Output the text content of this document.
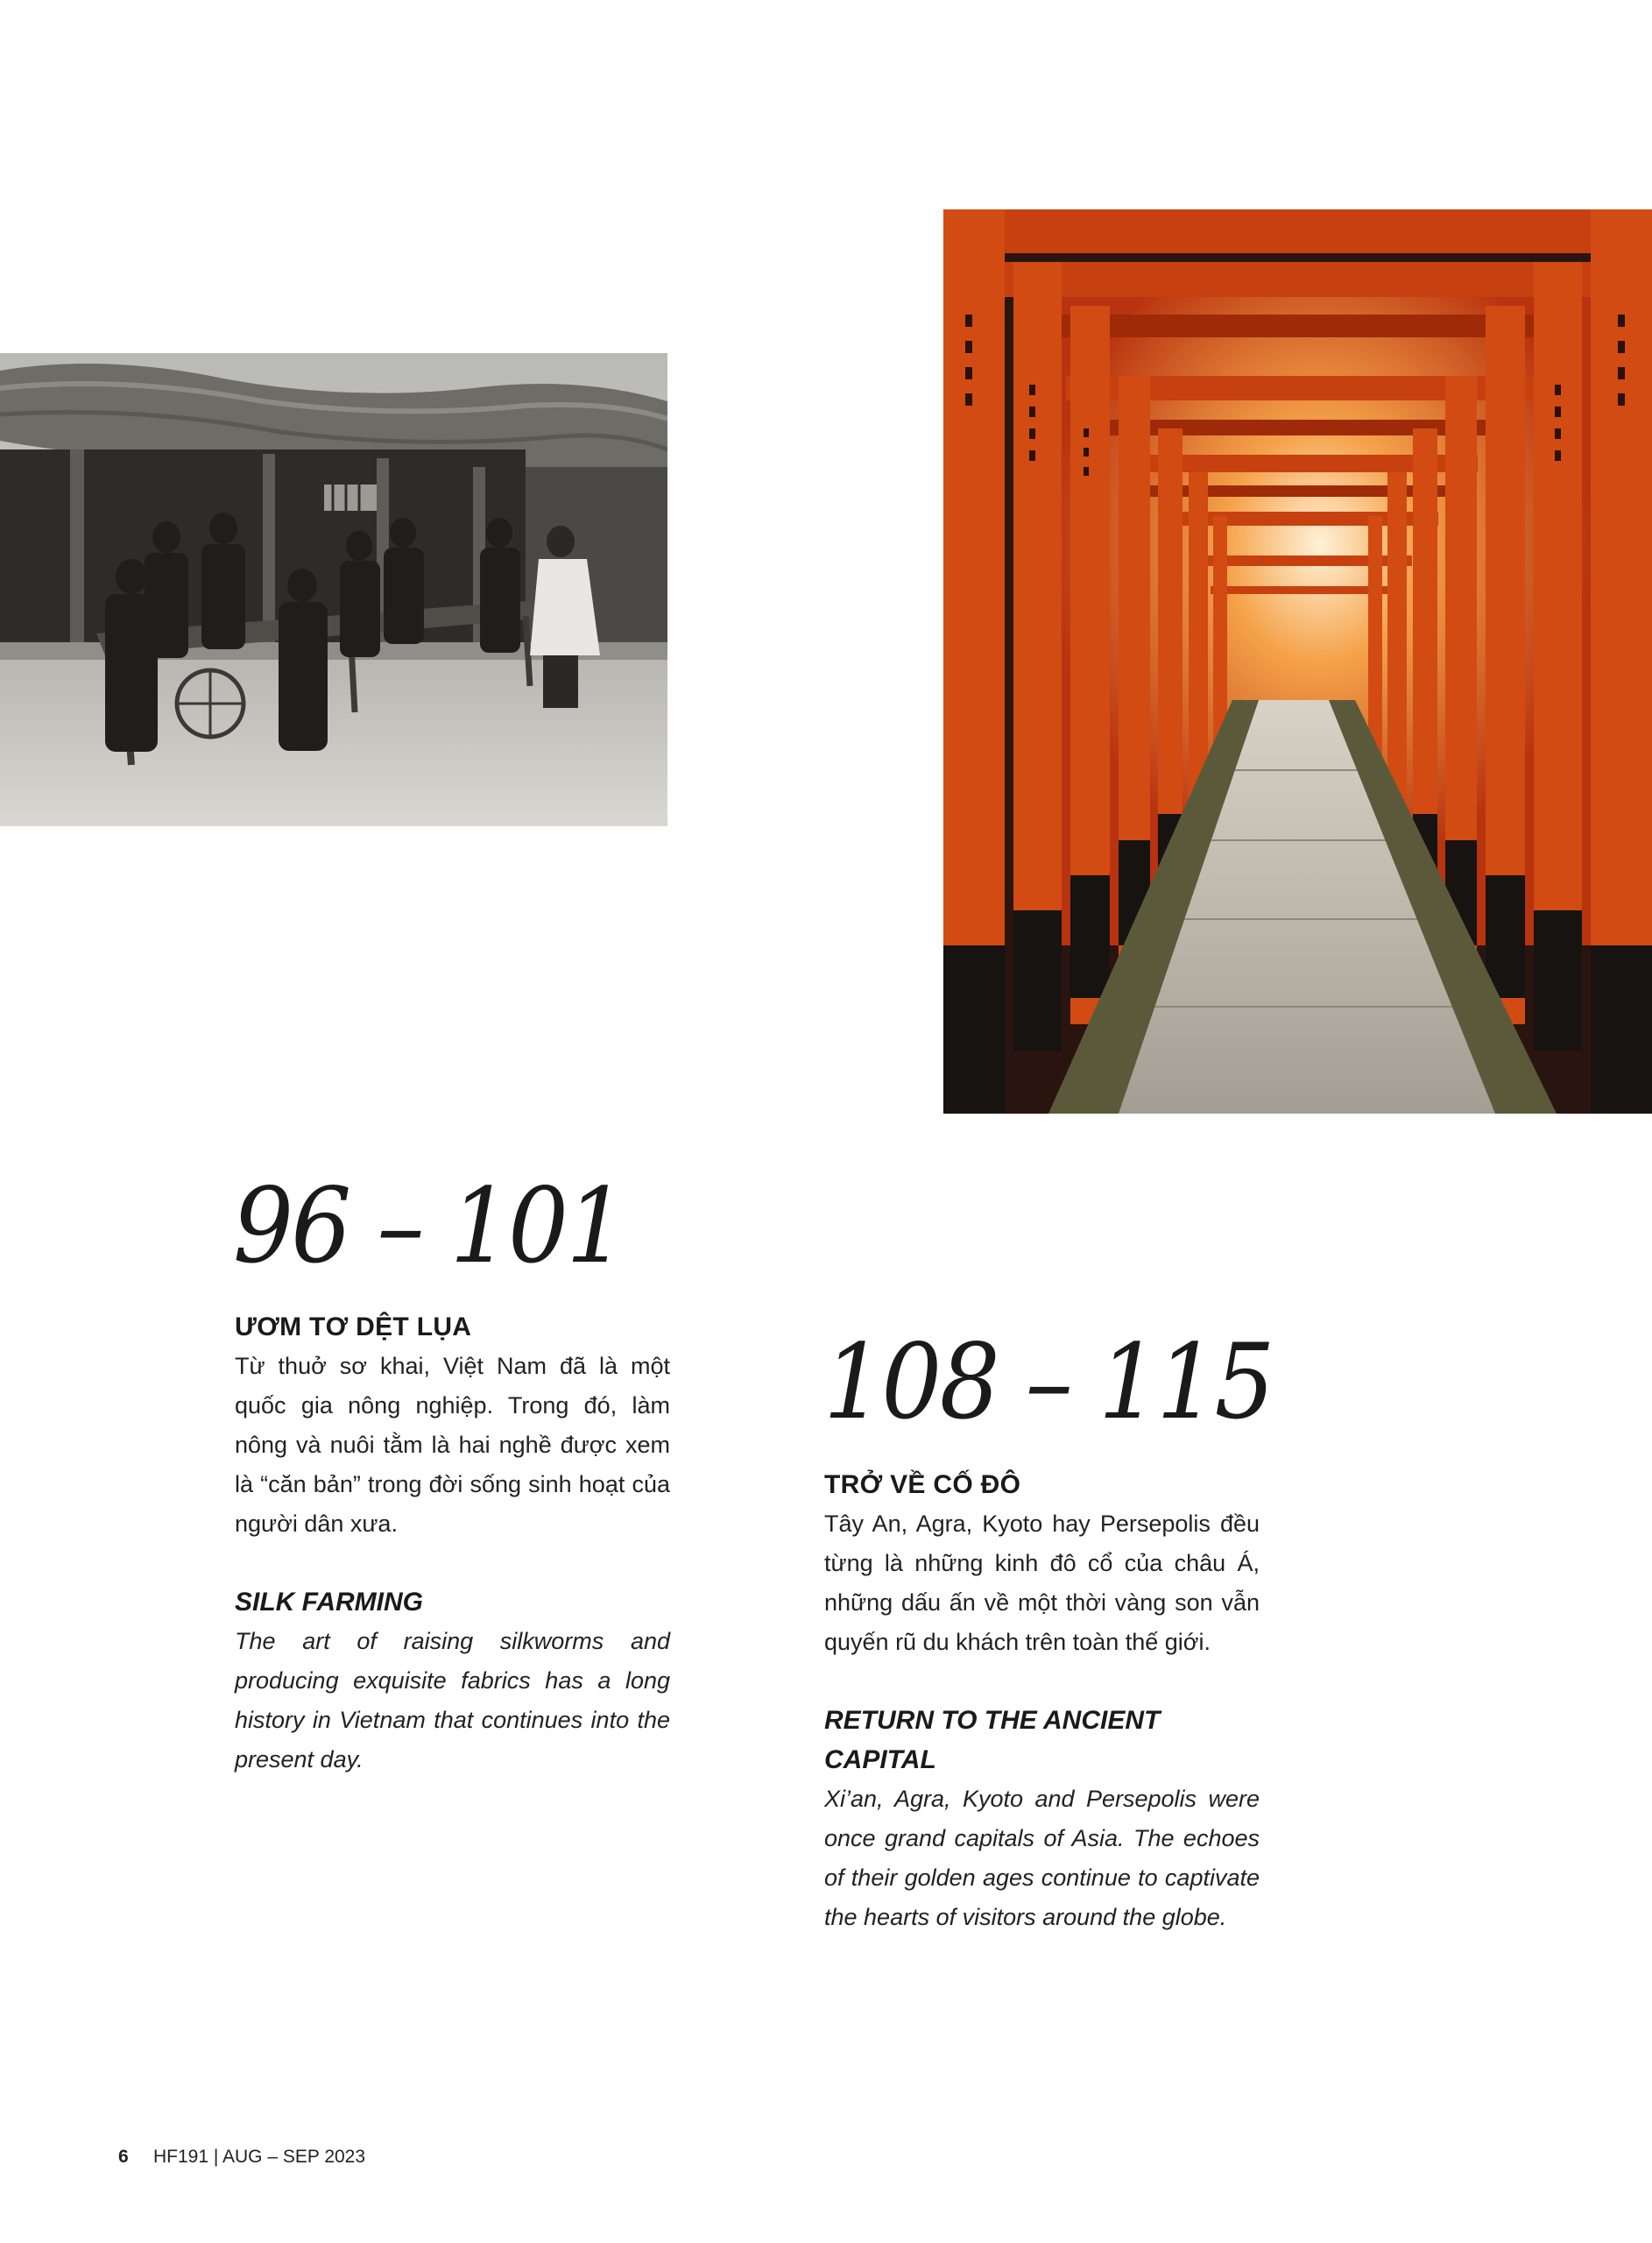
96 – 101

ƯƠM TƠ DỆT LỤA

Từ thuở sơ khai, Việt Nam đã là một quốc gia nông nghiệp. Trong đó, làm nông và nuôi tằm là hai nghề được xem là “căn bản” trong đời sống sinh hoạt của người dân xưa.

SILK FARMING

The art of raising silkworms and producing exquisite fabrics has a long history in Vietnam that continues into the present day.

108 – 115

TRỞ VỀ CỐ ĐÔ

Tây An, Agra, Kyoto hay Persepolis đều từng là những kinh đô cổ của châu Á, những dấu ấn về một thời vàng son vẫn quyến rũ du khách trên toàn thế giới.

RETURN TO THE ANCIENT CAPITAL

Xi’an, Agra, Kyoto and Persepolis were once grand capitals of Asia. The echoes of their golden ages continue to captivate the hearts of visitors around the globe.

6 HF191 | AUG – SEP 2023
